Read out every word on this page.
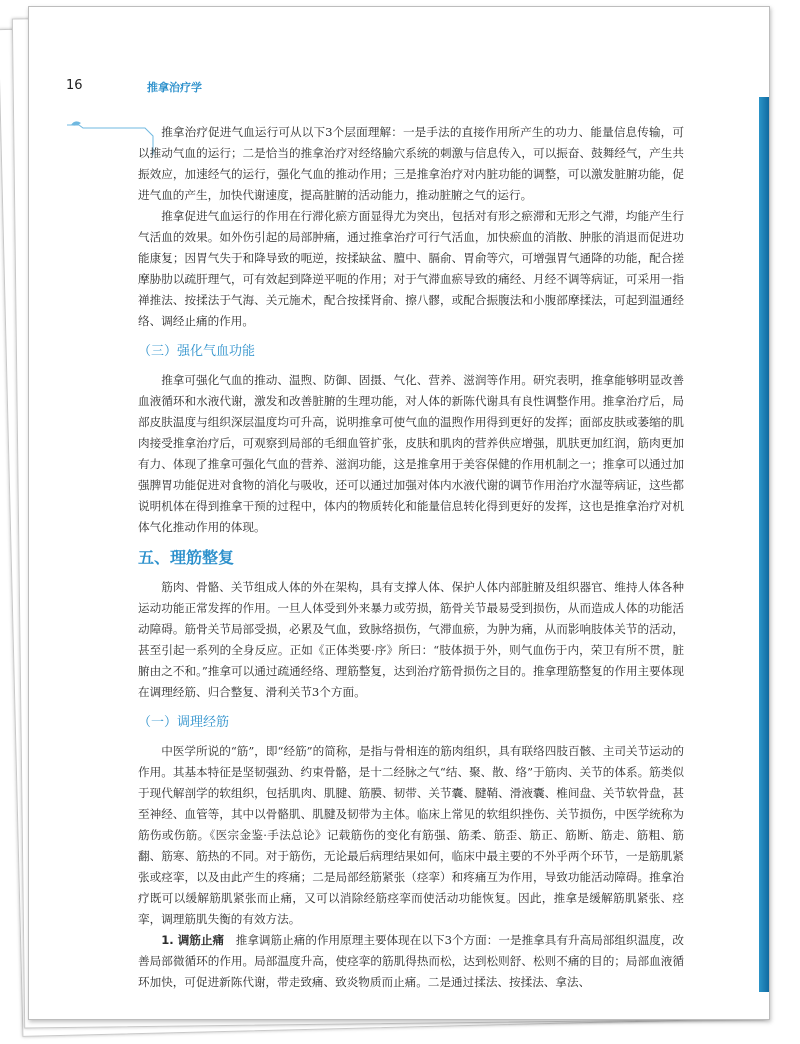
16	推拿治疗学

推拿治疗促进气血运行可从以下3个层面理解：一是手法的直接作用所产生的功力、能量信息传输，可以推动气血的运行；二是恰当的推拿治疗对经络腧穴系统的刺激与信息传入，可以振奋、鼓舞经气，产生共振效应，加速经气的运行，强化气血的推动作用；三是推拿治疗对内脏功能的调整，可以激发脏腑功能，促进气血的产生，加快代谢速度，提高脏腑的活动能力，推动脏腑之气的运行。

推拿促进气血运行的作用在行滞化瘀方面显得尤为突出，包括对有形之瘀滞和无形之气滞，均能产生行气活血的效果。如外伤引起的局部肿痛，通过推拿治疗可行气活血，加快瘀血的消散、肿胀的消退而促进功能康复；因胃气失于和降导致的呃逆，按揉缺盆、膻中、膈俞、胃俞等穴，可增强胃气通降的功能，配合搓摩胁肋以疏肝理气，可有效起到降逆平呃的作用；对于气滞血瘀导致的痛经、月经不调等病证，可采用一指禅推法、按揉法于气海、关元施术，配合按揉肾俞、擦八髎，或配合振腹法和小腹部摩揉法，可起到温通经络、调经止痛的作用。

（三）强化气血功能

推拿可强化气血的推动、温煦、防御、固摄、气化、营养、滋润等作用。研究表明，推拿能够明显改善血液循环和水液代谢，激发和改善脏腑的生理功能，对人体的新陈代谢具有良性调整作用。推拿治疗后，局部皮肤温度与组织深层温度均可升高，说明推拿可使气血的温煦作用得到更好的发挥；面部皮肤或萎缩的肌肉接受推拿治疗后，可观察到局部的毛细血管扩张，皮肤和肌肉的营养供应增强，肌肤更加红润，筋肉更加有力、体现了推拿可强化气血的营养、滋润功能，这是推拿用于美容保健的作用机制之一；推拿可以通过加强脾胃功能促进对食物的消化与吸收，还可以通过加强对体内水液代谢的调节作用治疗水湿等病证，这些都说明机体在得到推拿干预的过程中，体内的物质转化和能量信息转化得到更好的发挥，这也是推拿治疗对机体气化推动作用的体现。

五、理筋整复

筋肉、骨骼、关节组成人体的外在架构，具有支撑人体、保护人体内部脏腑及组织器官、维持人体各种运动功能正常发挥的作用。一旦人体受到外来暴力或劳损，筋骨关节最易受到损伤，从而造成人体的功能活动障碍。筋骨关节局部受损，必累及气血，致脉络损伤，气滞血瘀，为肿为痛，从而影响肢体关节的活动，甚至引起一系列的全身反应。正如《正体类要·序》所曰：“肢体损于外，则气血伤于内，荣卫有所不贯，脏腑由之不和。”推拿可以通过疏通经络、理筋整复，达到治疗筋骨损伤之目的。推拿理筋整复的作用主要体现在调理经筋、归合整复、滑利关节3个方面。

（一）调理经筋

中医学所说的“筋”，即“经筋”的简称，是指与骨相连的筋肉组织，具有联络四肢百骸、主司关节运动的作用。其基本特征是坚韧强劲、约束骨骼，是十二经脉之气“结、聚、散、络”于筋肉、关节的体系。筋类似于现代解剖学的软组织，包括肌肉、肌腱、筋膜、韧带、关节囊、腱鞘、滑液囊、椎间盘、关节软骨盘，甚至神经、血管等，其中以骨骼肌、肌腱及韧带为主体。临床上常见的软组织挫伤、关节损伤，中医学统称为筋伤或伤筋。《医宗金鉴·手法总论》记载筋伤的变化有筋强、筋柔、筋歪、筋正、筋断、筋走、筋粗、筋翻、筋寒、筋热的不同。对于筋伤，无论最后病理结果如何，临床中最主要的不外乎两个环节，一是筋肌紧张或痉挛，以及由此产生的疼痛；二是局部经筋紧张（痉挛）和疼痛互为作用，导致功能活动障碍。推拿治疗既可以缓解筋肌紧张而止痛，又可以消除经筋痉挛而使活动功能恢复。因此，推拿是缓解筋肌紧张、痉挛，调理筋肌失衡的有效方法。

1. 调筋止痛  推拿调筋止痛的作用原理主要体现在以下3个方面：一是推拿具有升高局部组织温度，改善局部微循环的作用。局部温度升高，使痉挛的筋肌得热而松，达到松则舒、松则不痛的目的；局部血液循环加快，可促进新陈代谢，带走致痛、致炎物质而止痛。二是通过揉法、按揉法、拿法、
